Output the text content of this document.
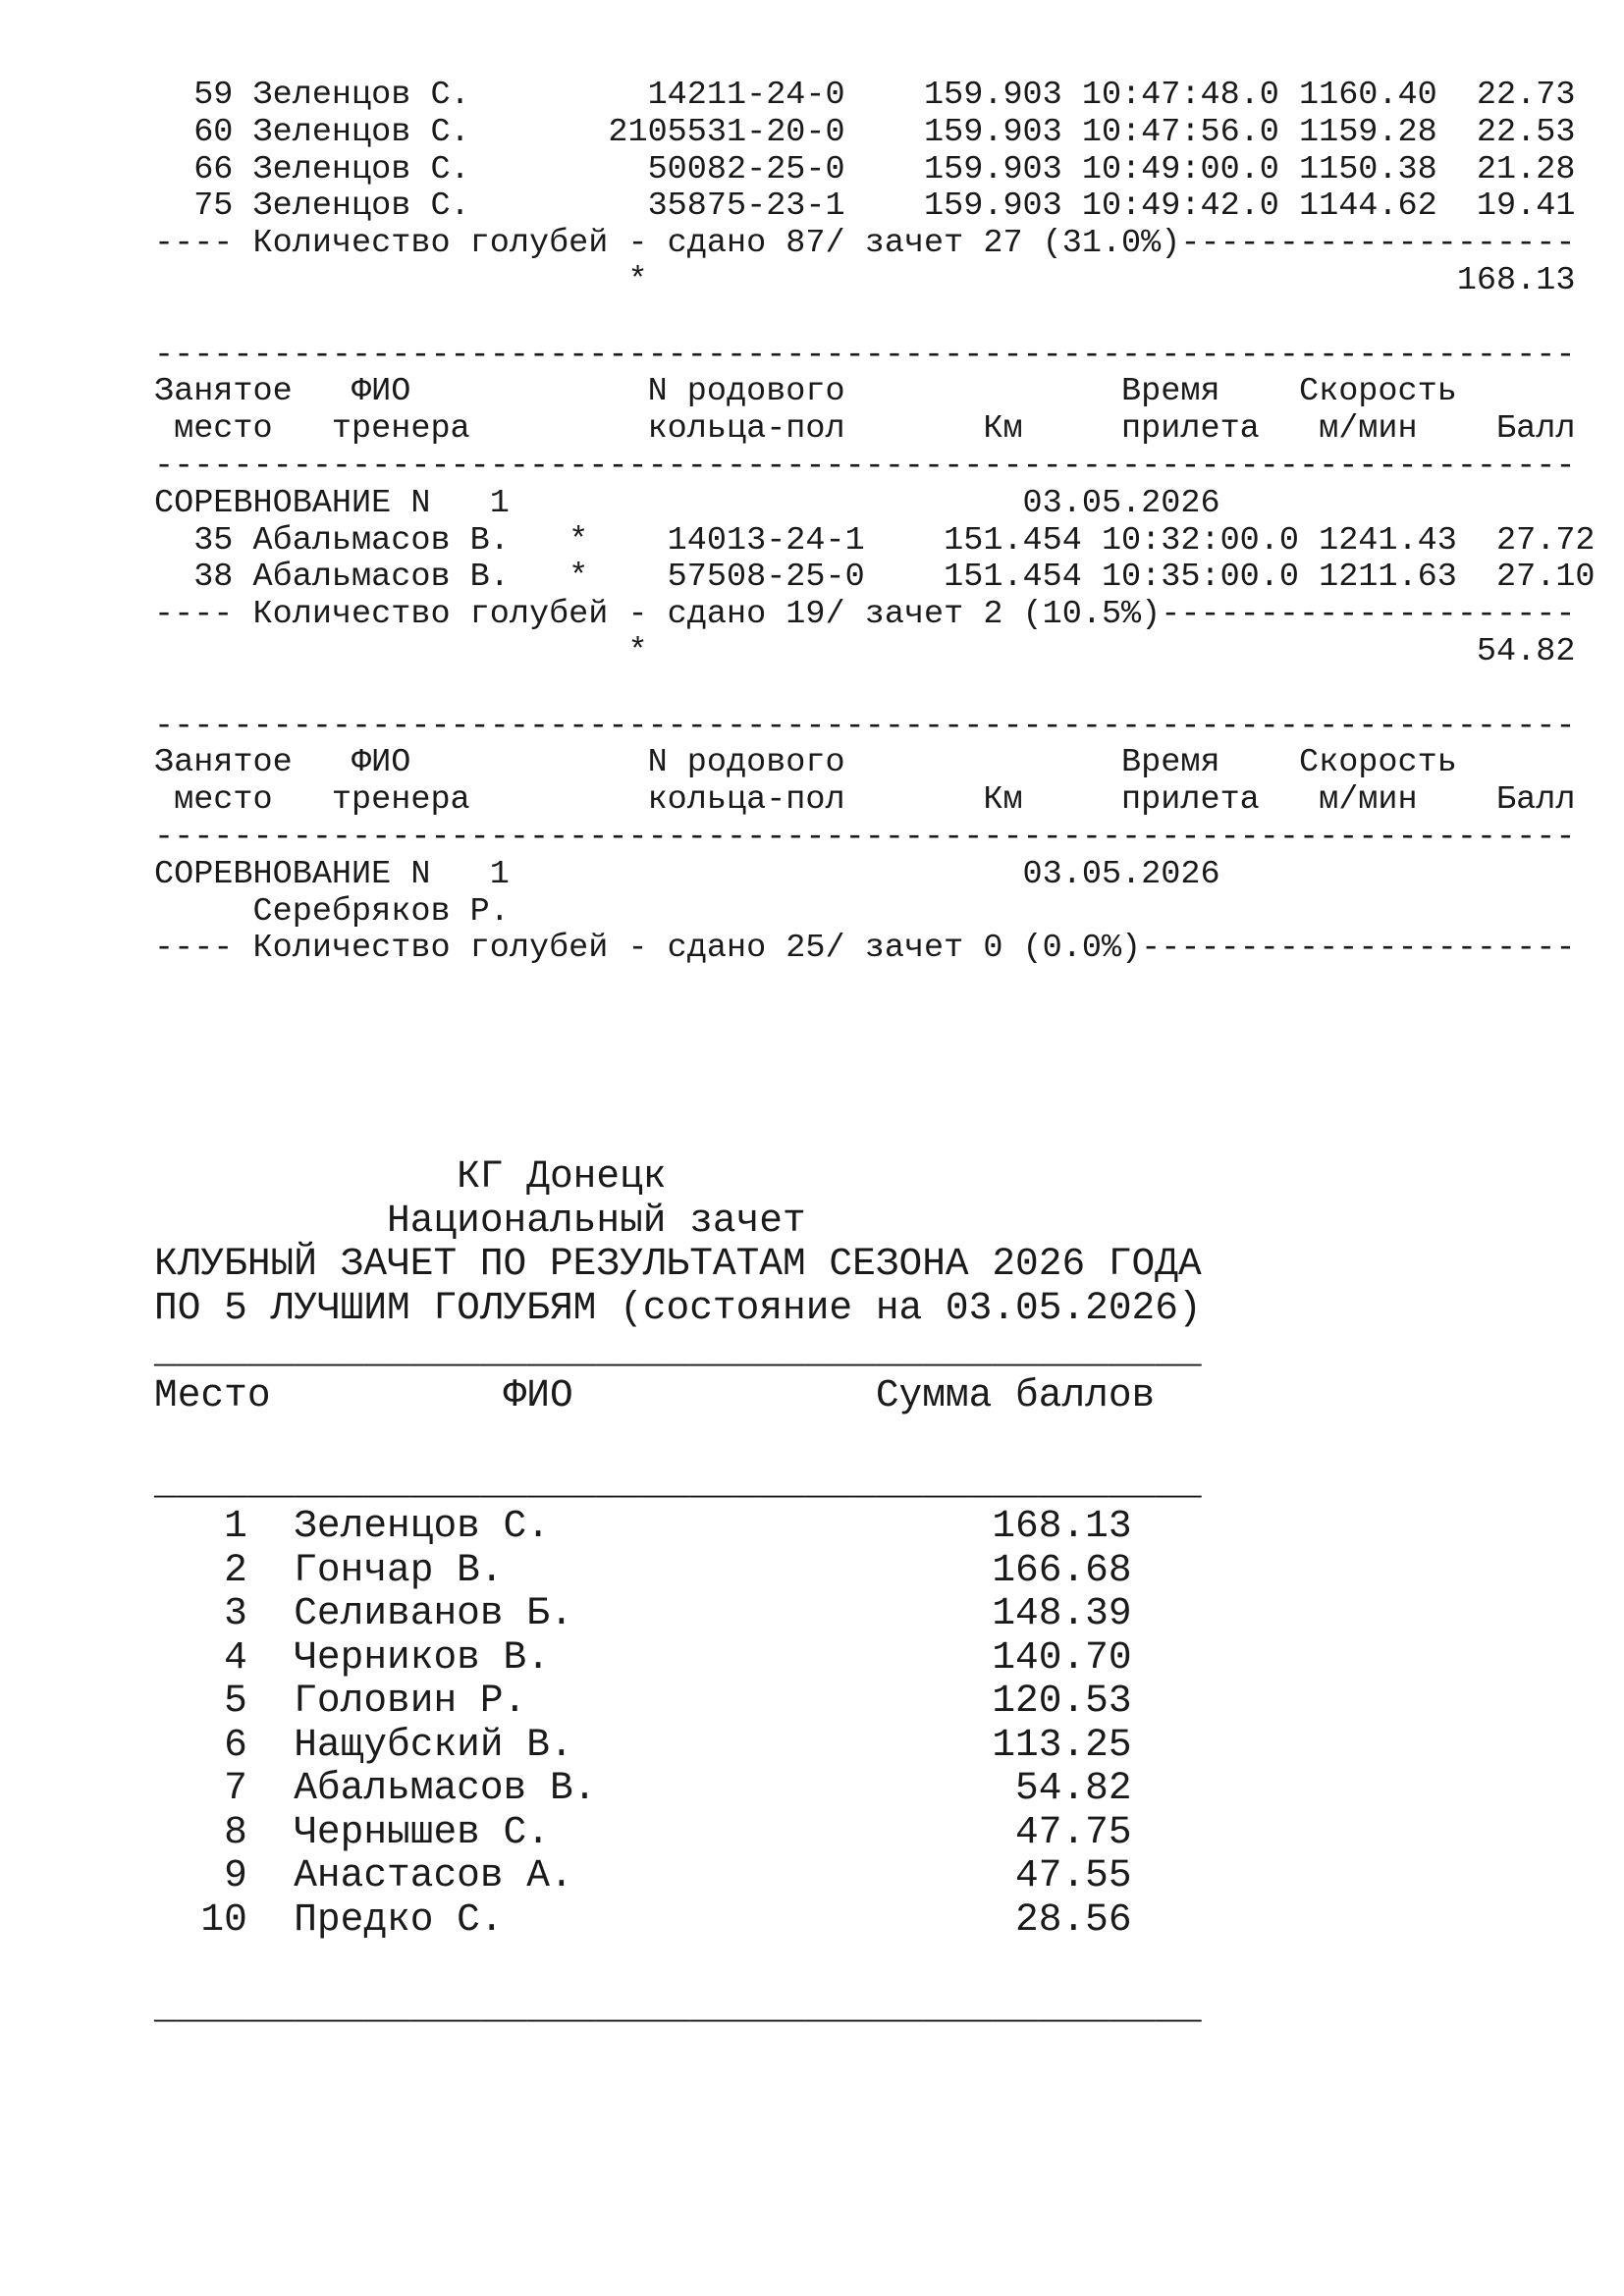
59 Зеленцов С.         14211-24-0    159.903 10:47:48.0 1160.40  22.73
60 Зеленцов С.       2105531-20-0    159.903 10:47:56.0 1159.28  22.53
66 Зеленцов С.         50082-25-0    159.903 10:49:00.0 1150.38  21.28
75 Зеленцов С.         35875-23-1    159.903 10:49:42.0 1144.62  19.41
---- Количество голубей - сдано 87/ зачет 27 (31.0%)--------------------
*                                         168.13

------------------------------------------------------------------------
Занятое   ФИО            N родового              Время    Скорость
место   тренера         кольца-пол       Км     прилета   м/мин    Балл
------------------------------------------------------------------------
СОРЕВНОВАНИЕ N   1                          03.05.2026
35 Абальмасов В.   *    14013-24-1    151.454 10:32:00.0 1241.43  27.72
38 Абальмасов В.   *    57508-25-0    151.454 10:35:00.0 1211.63  27.10
---- Количество голубей - сдано 19/ зачет 2 (10.5%)---------------------
*                                          54.82

------------------------------------------------------------------------
Занятое   ФИО            N родового              Время    Скорость
место   тренера         кольца-пол       Км     прилета   м/мин    Балл
------------------------------------------------------------------------
СОРЕВНОВАНИЕ N   1                          03.05.2026
Серебряков Р.
---- Количество голубей - сдано 25/ зачет 0 (0.0%)----------------------
КГ Донецк
Национальный зачет
КЛУБНЫЙ ЗАЧЕТ ПО РЕЗУЛЬТАТАМ СЕЗОНА 2026 ГОДА
ПО 5 ЛУЧШИМ ГОЛУБЯМ (состояние на 03.05.2026)
_____________________________________________
Место          ФИО             Сумма баллов

_____________________________________________
1  Зеленцов С.                   168.13
2  Гончар В.                     166.68
3  Селиванов Б.                  148.39
4  Черников В.                   140.70
5  Головин Р.                    120.53
6  Нащубский В.                  113.25
7  Абальмасов В.                  54.82
8  Чернышев С.                    47.75
9  Анастасов А.                   47.55
10  Предко С.                      28.56

_____________________________________________
